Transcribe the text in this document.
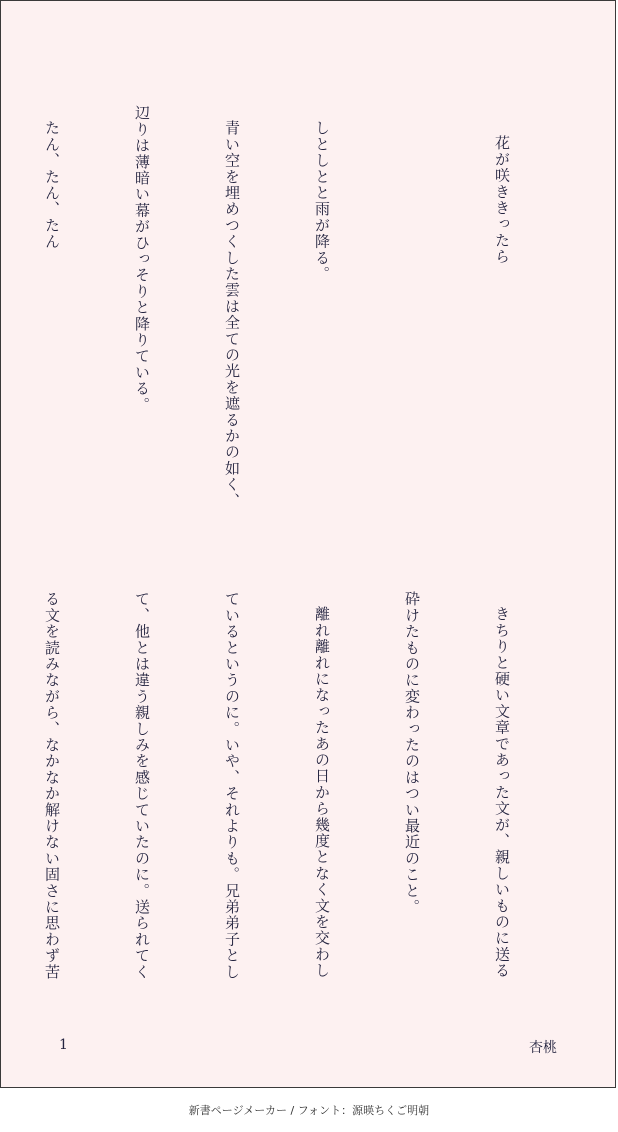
花が咲ききったら

しとしとと雨が降る。

青い空を埋めつくした雲は全ての光を遮るかの如く、

辺りは薄暗い幕がひっそりと降りている。

たん、たん、たん

きちりと硬い文章であった文が、親しいものに送る

砕けたものに変わったのはつい最近のこと。

離れ離れになったあの日から幾度となく文を交わし

ているというのに。いや、それよりも。兄弟弟子とし

て、他とは違う親しみを感じていたのに。送られてく

る文を読みながら、なかなか解けない固さに思わず苦

1	杏桃
新書ページメーカー / フォント：源暎ちくご明朝
